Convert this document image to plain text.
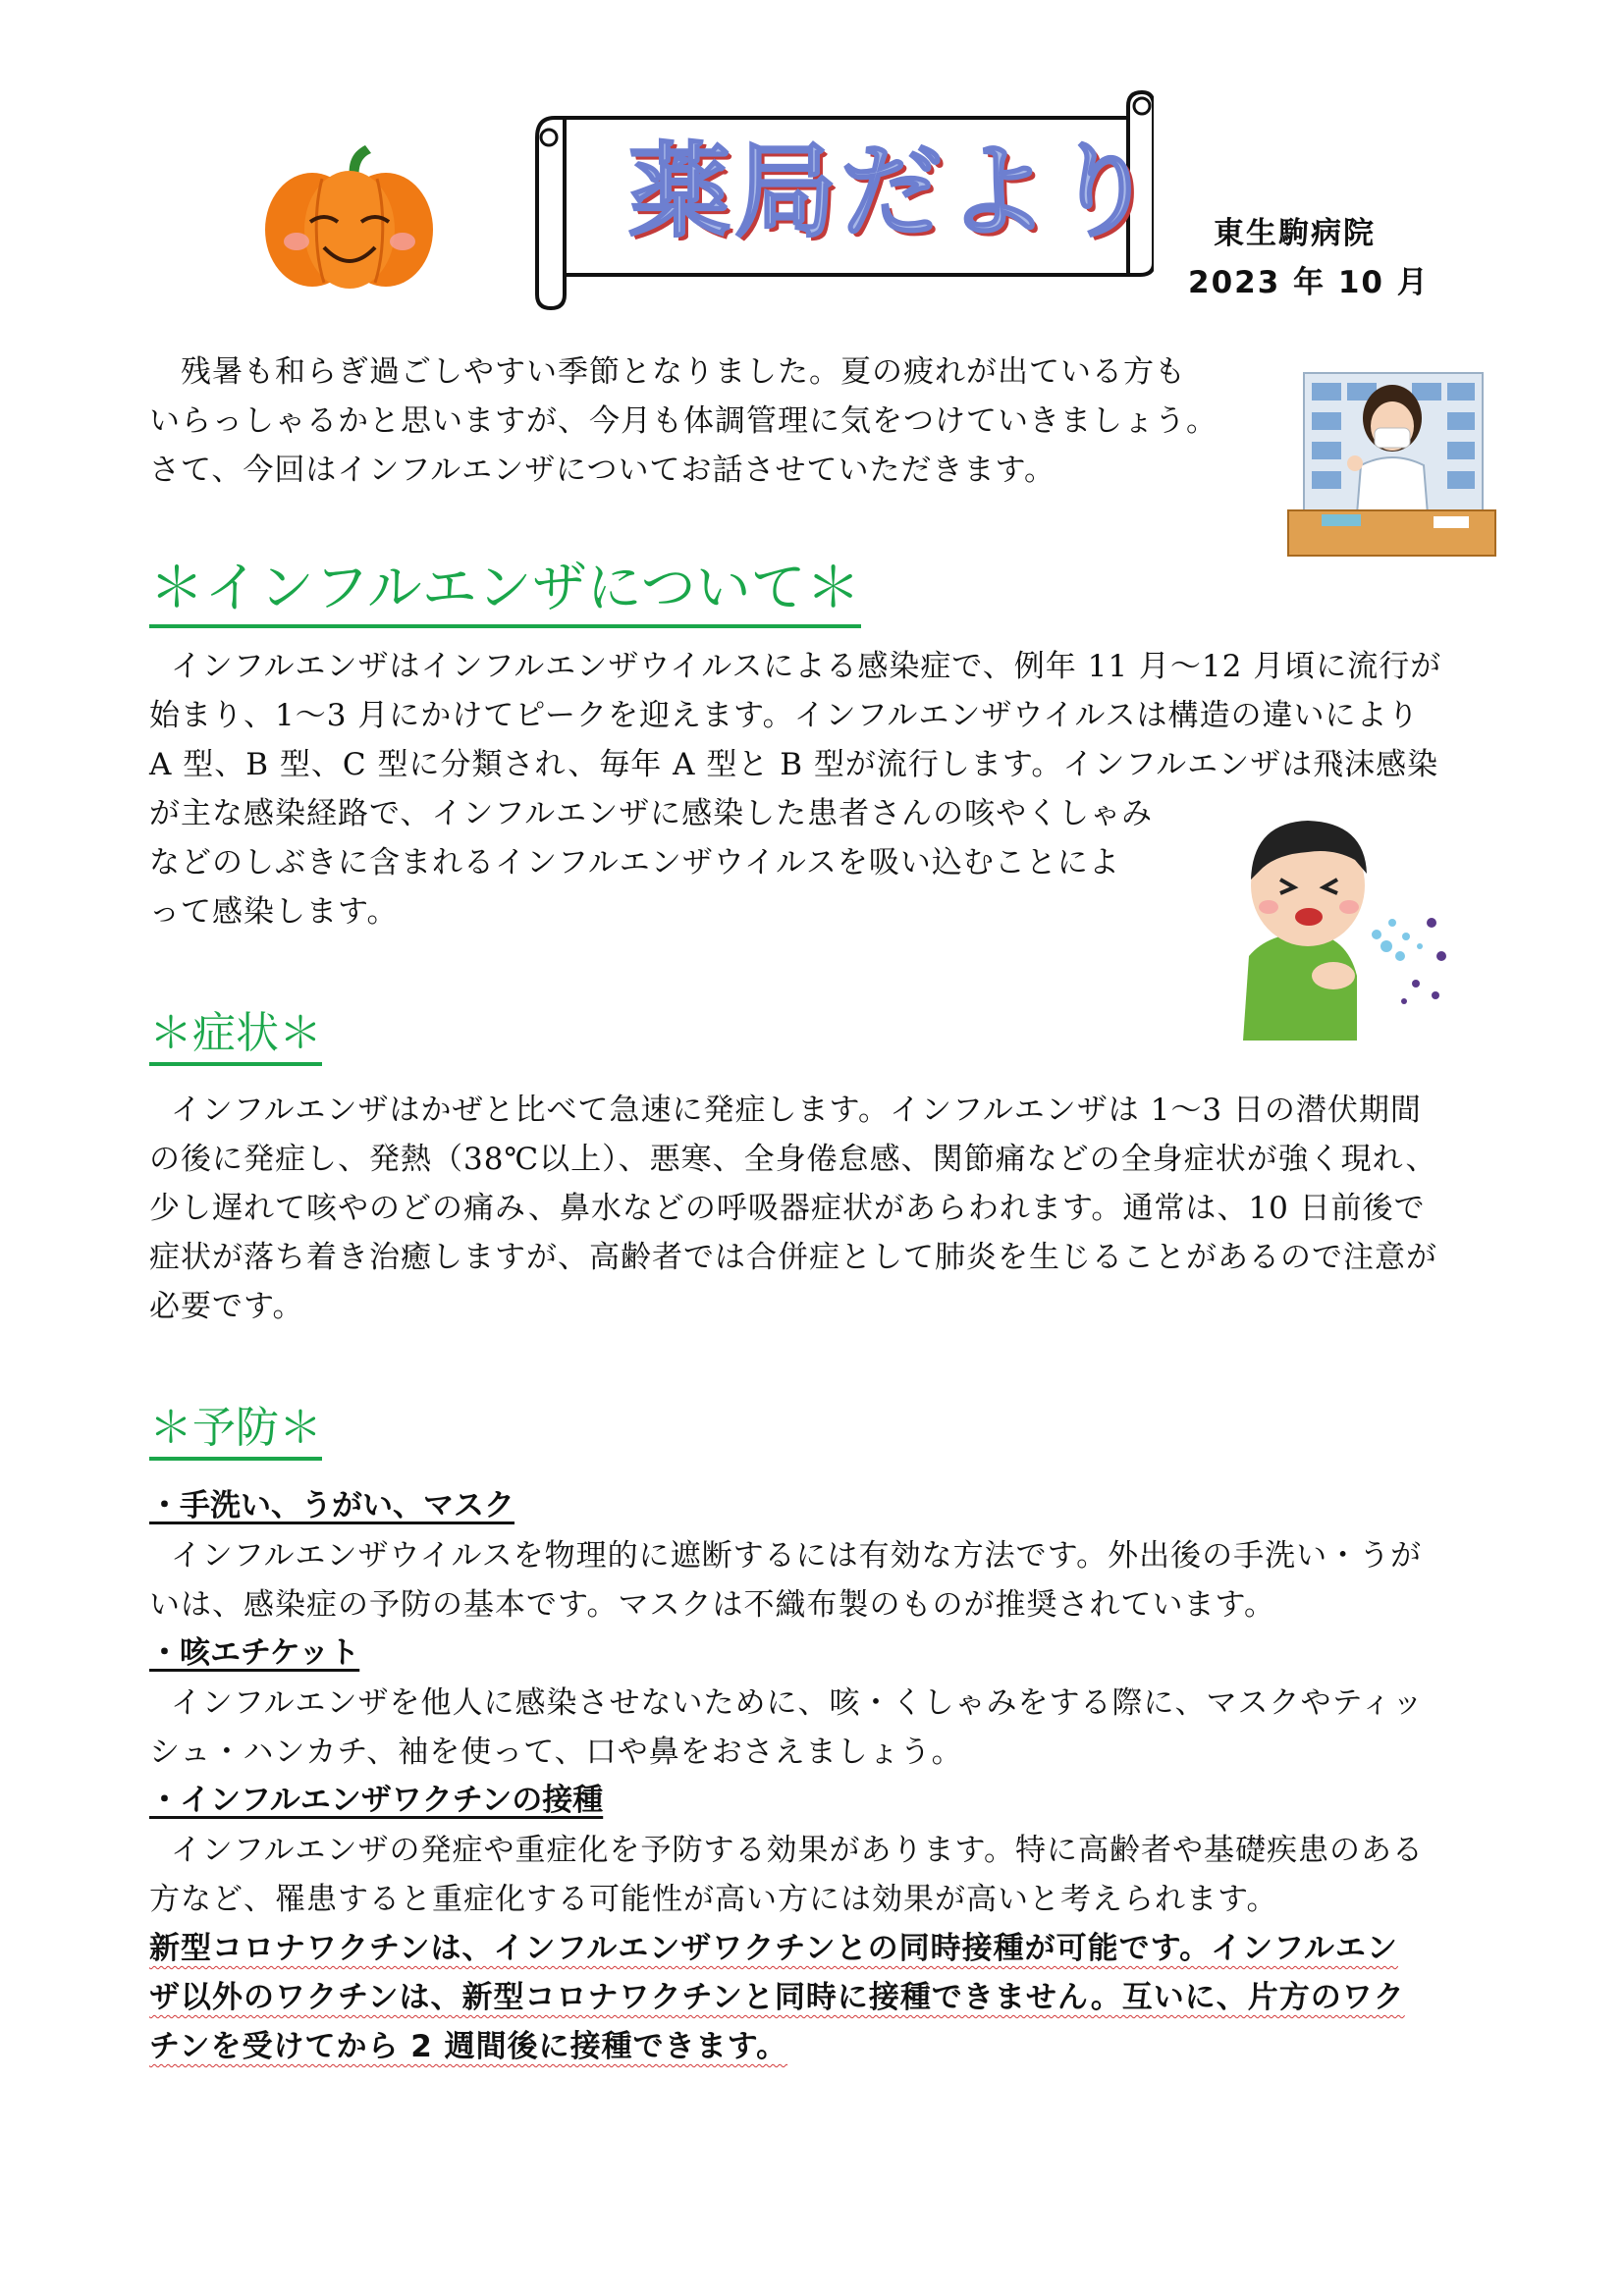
薬局だより 東生駒病院
2023 年 10 月

　残暑も和らぎ過ごしやすい季節となりました。夏の疲れが出ている方も
いらっしゃるかと思いますが、今月も体調管理に気をつけていきましょう。
さて、今回はインフルエンザについてお話させていただきます。

＊インフルエンザについて＊

インフルエンザはインフルエンザウイルスによる感染症で、例年 11 月～12 月頃に流行が
始まり、1～3 月にかけてピークを迎えます。インフルエンザウイルスは構造の違いにより
A 型、B 型、C 型に分類され、毎年 A 型と B 型が流行します。インフルエンザは飛沫感染

が主な感染経路で、インフルエンザに感染した患者さんの咳やくしゃみ
などのしぶきに含まれるインフルエンザウイルスを吸い込むことによ
って感染します。

＊症状＊

インフルエンザはかぜと比べて急速に発症します。インフルエンザは 1～3 日の潜伏期間
の後に発症し、発熱（38℃以上）、悪寒、全身倦怠感、関節痛などの全身症状が強く現れ、
少し遅れて咳やのどの痛み、鼻水などの呼吸器症状があらわれます。通常は、10 日前後で
症状が落ち着き治癒しますが、高齢者では合併症として肺炎を生じることがあるので注意が
必要です。

＊予防＊
・手洗い、うがい、マスク

インフルエンザウイルスを物理的に遮断するには有効な方法です。外出後の手洗い・うが
いは、感染症の予防の基本です。マスクは不織布製のものが推奨されています。

・咳エチケット

インフルエンザを他人に感染させないために、咳・くしゃみをする際に、マスクやティッ
シュ・ハンカチ、袖を使って、口や鼻をおさえましょう。

・インフルエンザワクチンの接種

インフルエンザの発症や重症化を予防する効果があります。特に高齢者や基礎疾患のある
方など、罹患すると重症化する可能性が高い方には効果が高いと考えられます。

新型コロナワクチンは、インフルエンザワクチンとの同時接種が可能です。インフルエン
ザ以外のワクチンは、新型コロナワクチンと同時に接種できません。互いに、片方のワク
チンを受けてから 2 週間後に接種できます。
